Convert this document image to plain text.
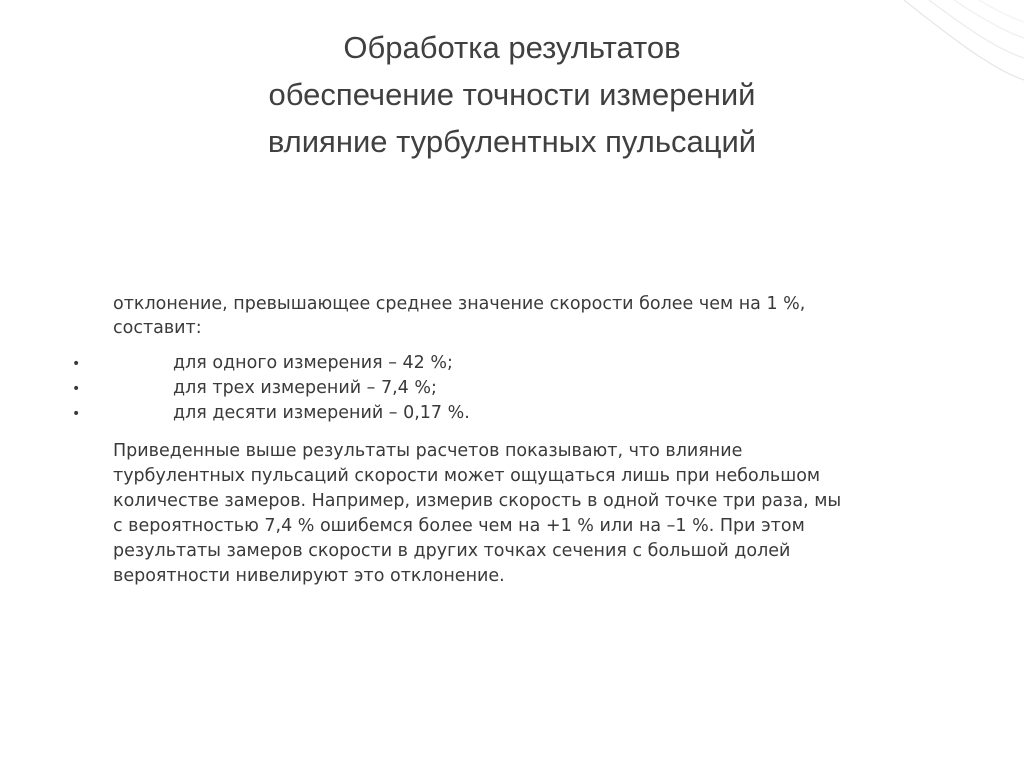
Обработка результатов
обеспечение точности измерений
влияние турбулентных пульсаций
отклонение, превышающее среднее значение скорости более чем на 1 %,
составит:
•	для одного измерения – 42 %;
•	для трех измерений – 7,4 %;
•	для десяти измерений – 0,17 %.
Приведенные выше результаты расчетов показывают, что влияние
турбулентных пульсаций скорости может ощущаться лишь при небольшом
количестве замеров. Например, измерив скорость в одной точке три раза, мы
с вероятностью 7,4 % ошибемся более чем на +1 % или на –1 %. При этом
результаты замеров скорости в других точках сечения с большой долей
вероятности нивелируют это отклонение.
